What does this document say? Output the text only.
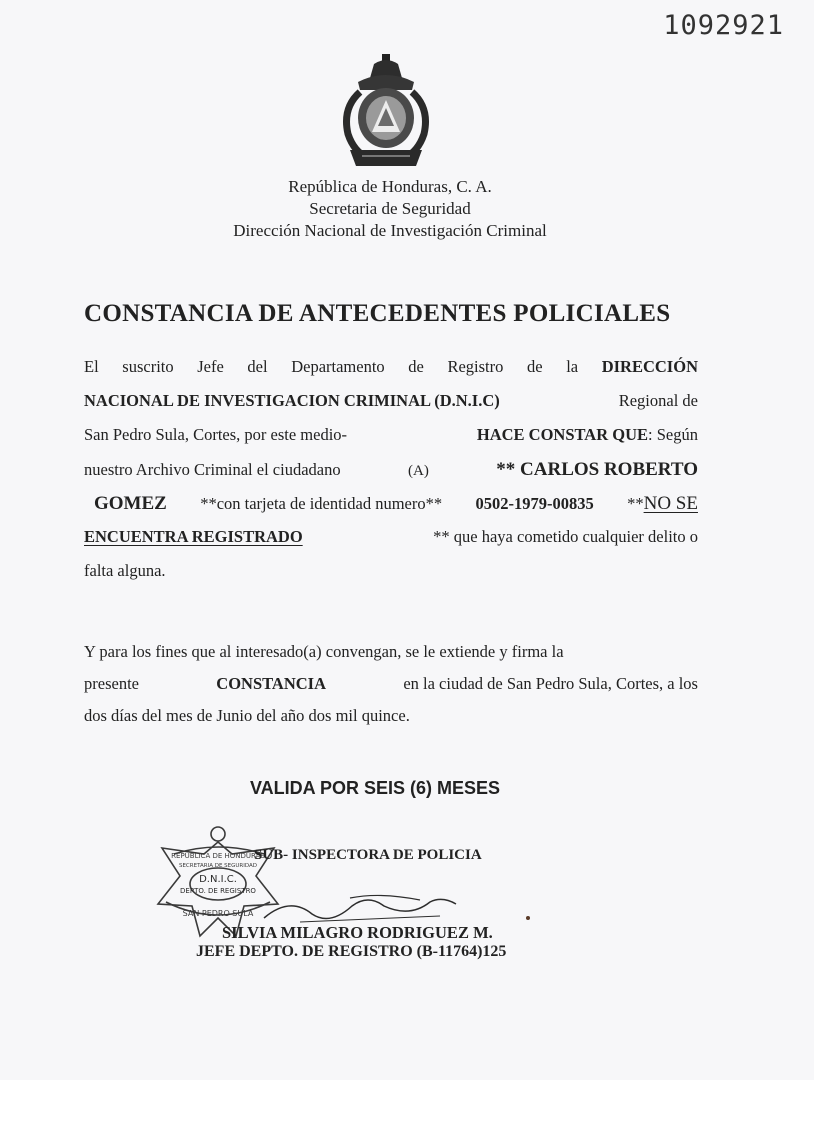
1092921
República de Honduras, C. A.
Secretaria de Seguridad
Dirección Nacional de Investigación Criminal
CONSTANCIA DE ANTECEDENTES POLICIALES
El suscrito Jefe del Departamento de Registro de la DIRECCIÓN
NACIONAL DE INVESTIGACION CRIMINAL (D.N.I.C)	Regional de
San Pedro Sula, Cortes, por este medio-	HACE CONSTAR QUE: Según
nuestro Archivo Criminal el ciudadano	(A)	** CARLOS ROBERTO
GOMEZ **con tarjeta de identidad numero** 0502-1979-00835 **NO SE
ENCUENTRA REGISTRADO	** que haya cometido cualquier delito o
falta alguna.
Y para los fines que al interesado(a) convengan, se le extiende y firma la
presente	CONSTANCIA	en la ciudad de San Pedro Sula, Cortes, a los
dos días del mes de Junio del año dos mil quince.
VALIDA POR SEIS (6) MESES
REPUBLICA DE HONDURAS
SECRETARIA DE SEGURIDAD
D.N.I.C.
DEPTO. DE REGISTRO
SAN PEDRO SULA
SUB- INSPECTORA DE POLICIA
SILVIA MILAGRO RODRIGUEZ M.
JEFE DEPTO. DE REGISTRO (B-11764)125
